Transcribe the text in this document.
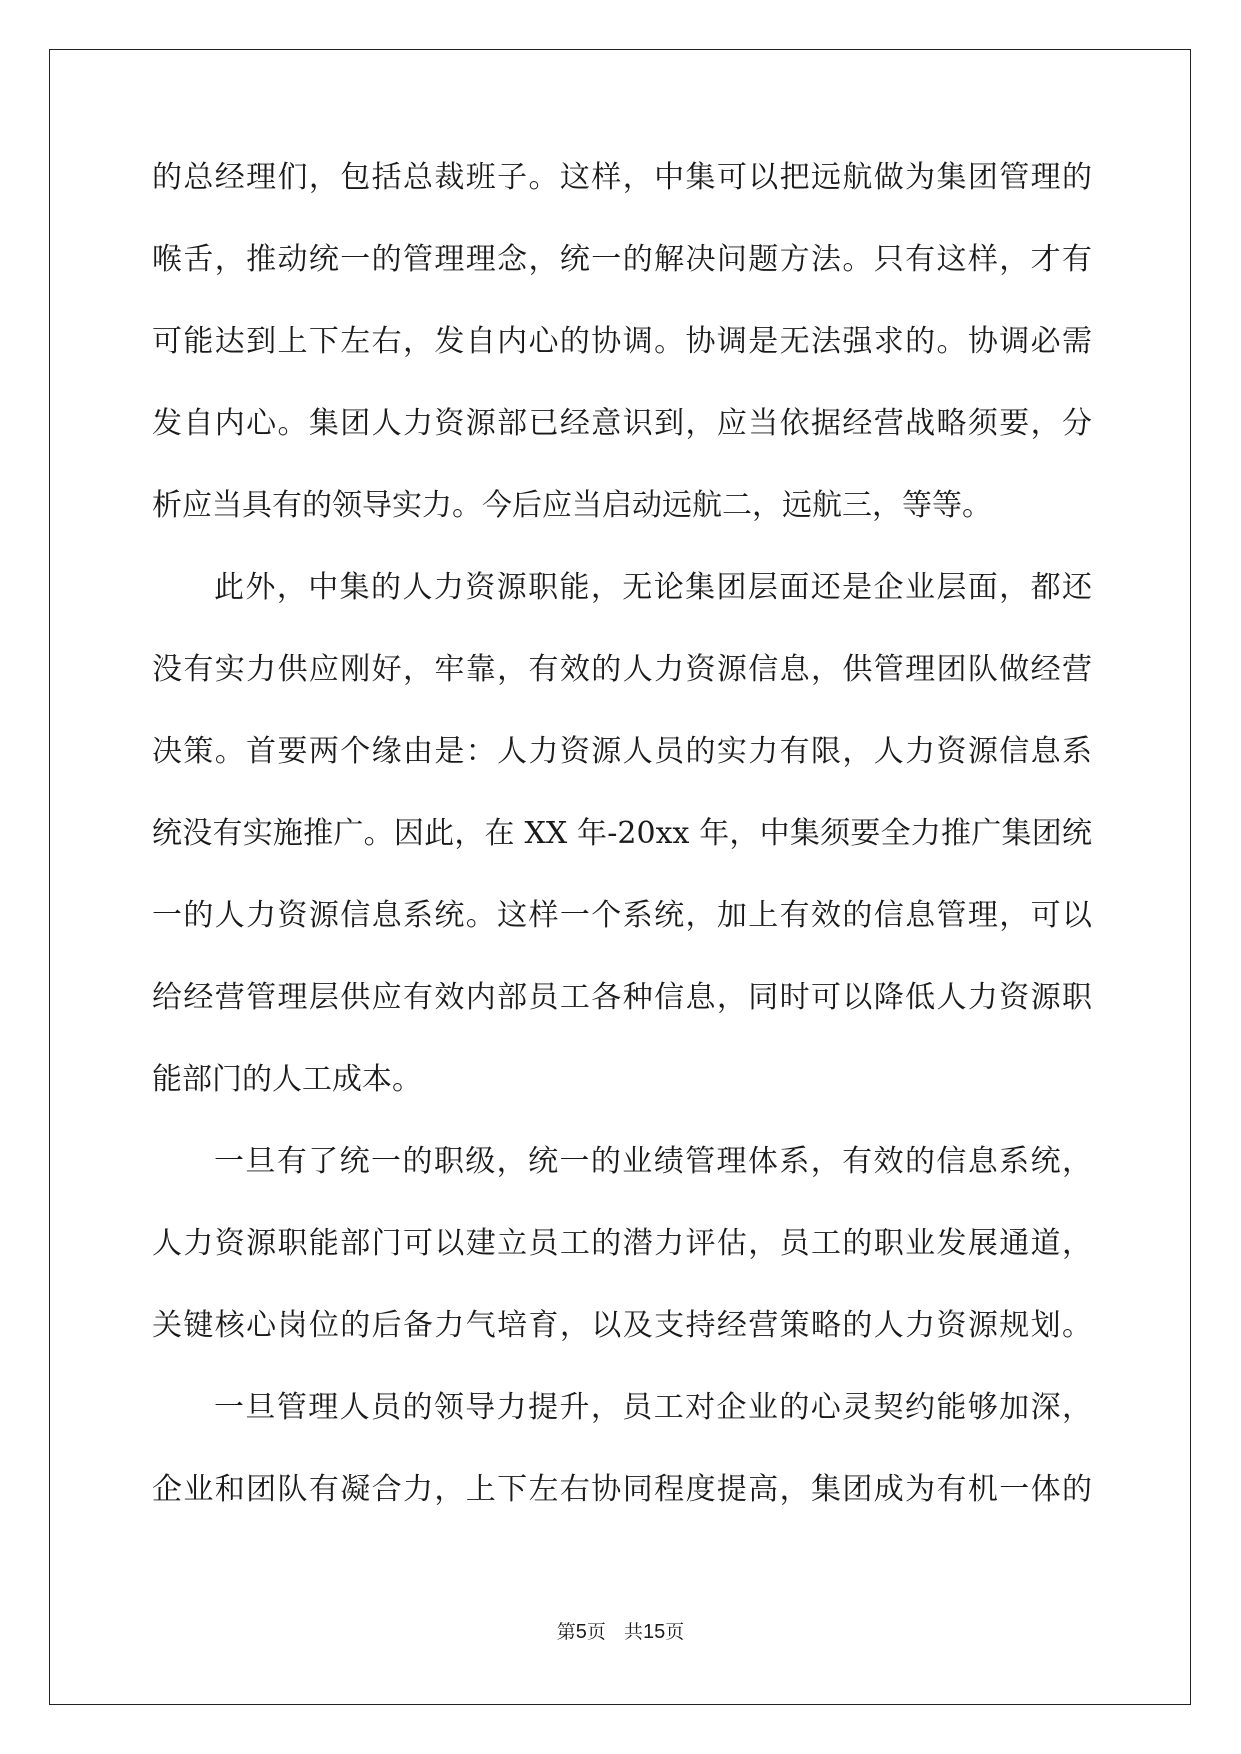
的总经理们，包括总裁班子。这样，中集可以把远航做为集团管理的
喉舌，推动统一的管理理念，统一的解决问题方法。只有这样，才有
可能达到上下左右，发自内心的协调。协调是无法强求的。协调必需
发自内心。集团人力资源部已经意识到，应当依据经营战略须要，分
析应当具有的领导实力。今后应当启动远航二，远航三，等等。
此外，中集的人力资源职能，无论集团层面还是企业层面，都还
没有实力供应刚好，牢靠，有效的人力资源信息，供管理团队做经营
决策。首要两个缘由是：人力资源人员的实力有限，人力资源信息系
统没有实施推广。因此，在 XX 年-20xx 年，中集须要全力推广集团统
一的人力资源信息系统。这样一个系统，加上有效的信息管理，可以
给经营管理层供应有效内部员工各种信息，同时可以降低人力资源职
能部门的人工成本。
一旦有了统一的职级，统一的业绩管理体系，有效的信息系统，
人力资源职能部门可以建立员工的潜力评估，员工的职业发展通道，
关键核心岗位的后备力气培育，以及支持经营策略的人力资源规划。
一旦管理人员的领导力提升，员工对企业的心灵契约能够加深，
企业和团队有凝合力，上下左右协同程度提高，集团成为有机一体的
第5页 共15页
